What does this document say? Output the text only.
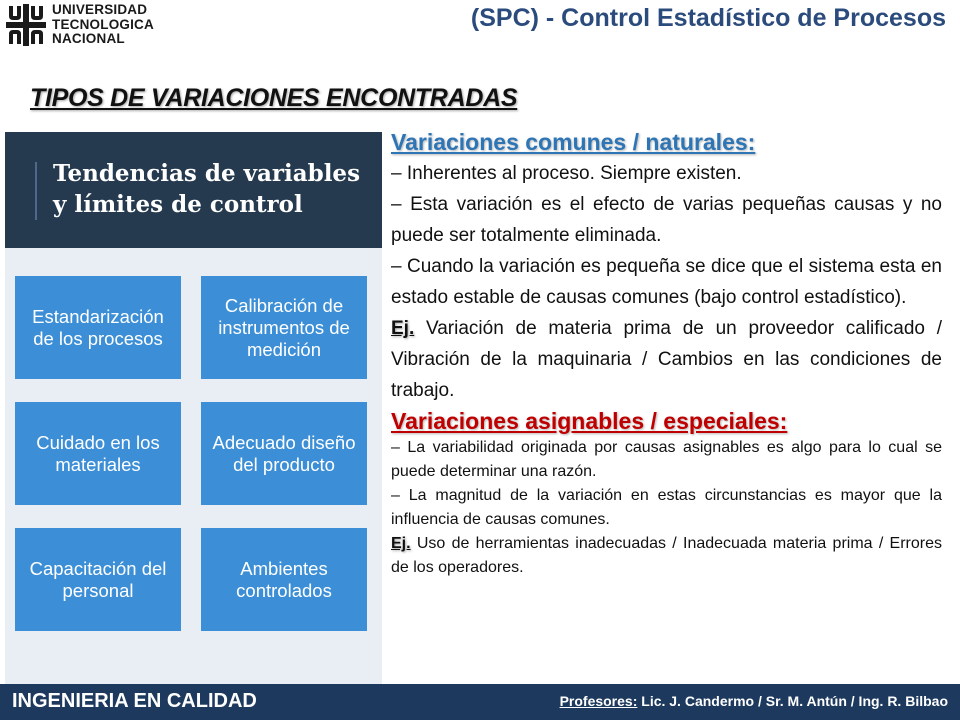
UNIVERSIDAD
TECNOLOGICA
NACIONAL
(SPC) - Control Estadístico de Procesos
TIPOS DE VARIACIONES ENCONTRADAS
Tendencias de variables y límites de control
Estandarización de los procesos
Calibración de instrumentos de medición
Cuidado en los materiales
Adecuado diseño del producto
Capacitación del personal
Ambientes controlados

Variaciones comunes / naturales:

– Inherentes al proceso. Siempre existen.

– Esta variación es el efecto de varias pequeñas causas y no puede ser totalmente eliminada.

– Cuando la variación es pequeña se dice que el sistema esta en estado estable de causas comunes (bajo control estadístico).

Ej. Variación de materia prima de un proveedor calificado / Vibración de la maquinaria / Cambios en las condiciones de trabajo.

Variaciones asignables / especiales:

– La variabilidad originada por causas asignables es algo para lo cual se puede determinar una razón.

– La magnitud de la variación en estas circunstancias es mayor que la influencia de causas comunes.

Ej. Uso de herramientas inadecuadas / Inadecuada materia prima / Errores de los operadores.

INGENIERIA EN CALIDAD	Profesores: Lic. J. Candermo / Sr. M. Antún / Ing. R. Bilbao
